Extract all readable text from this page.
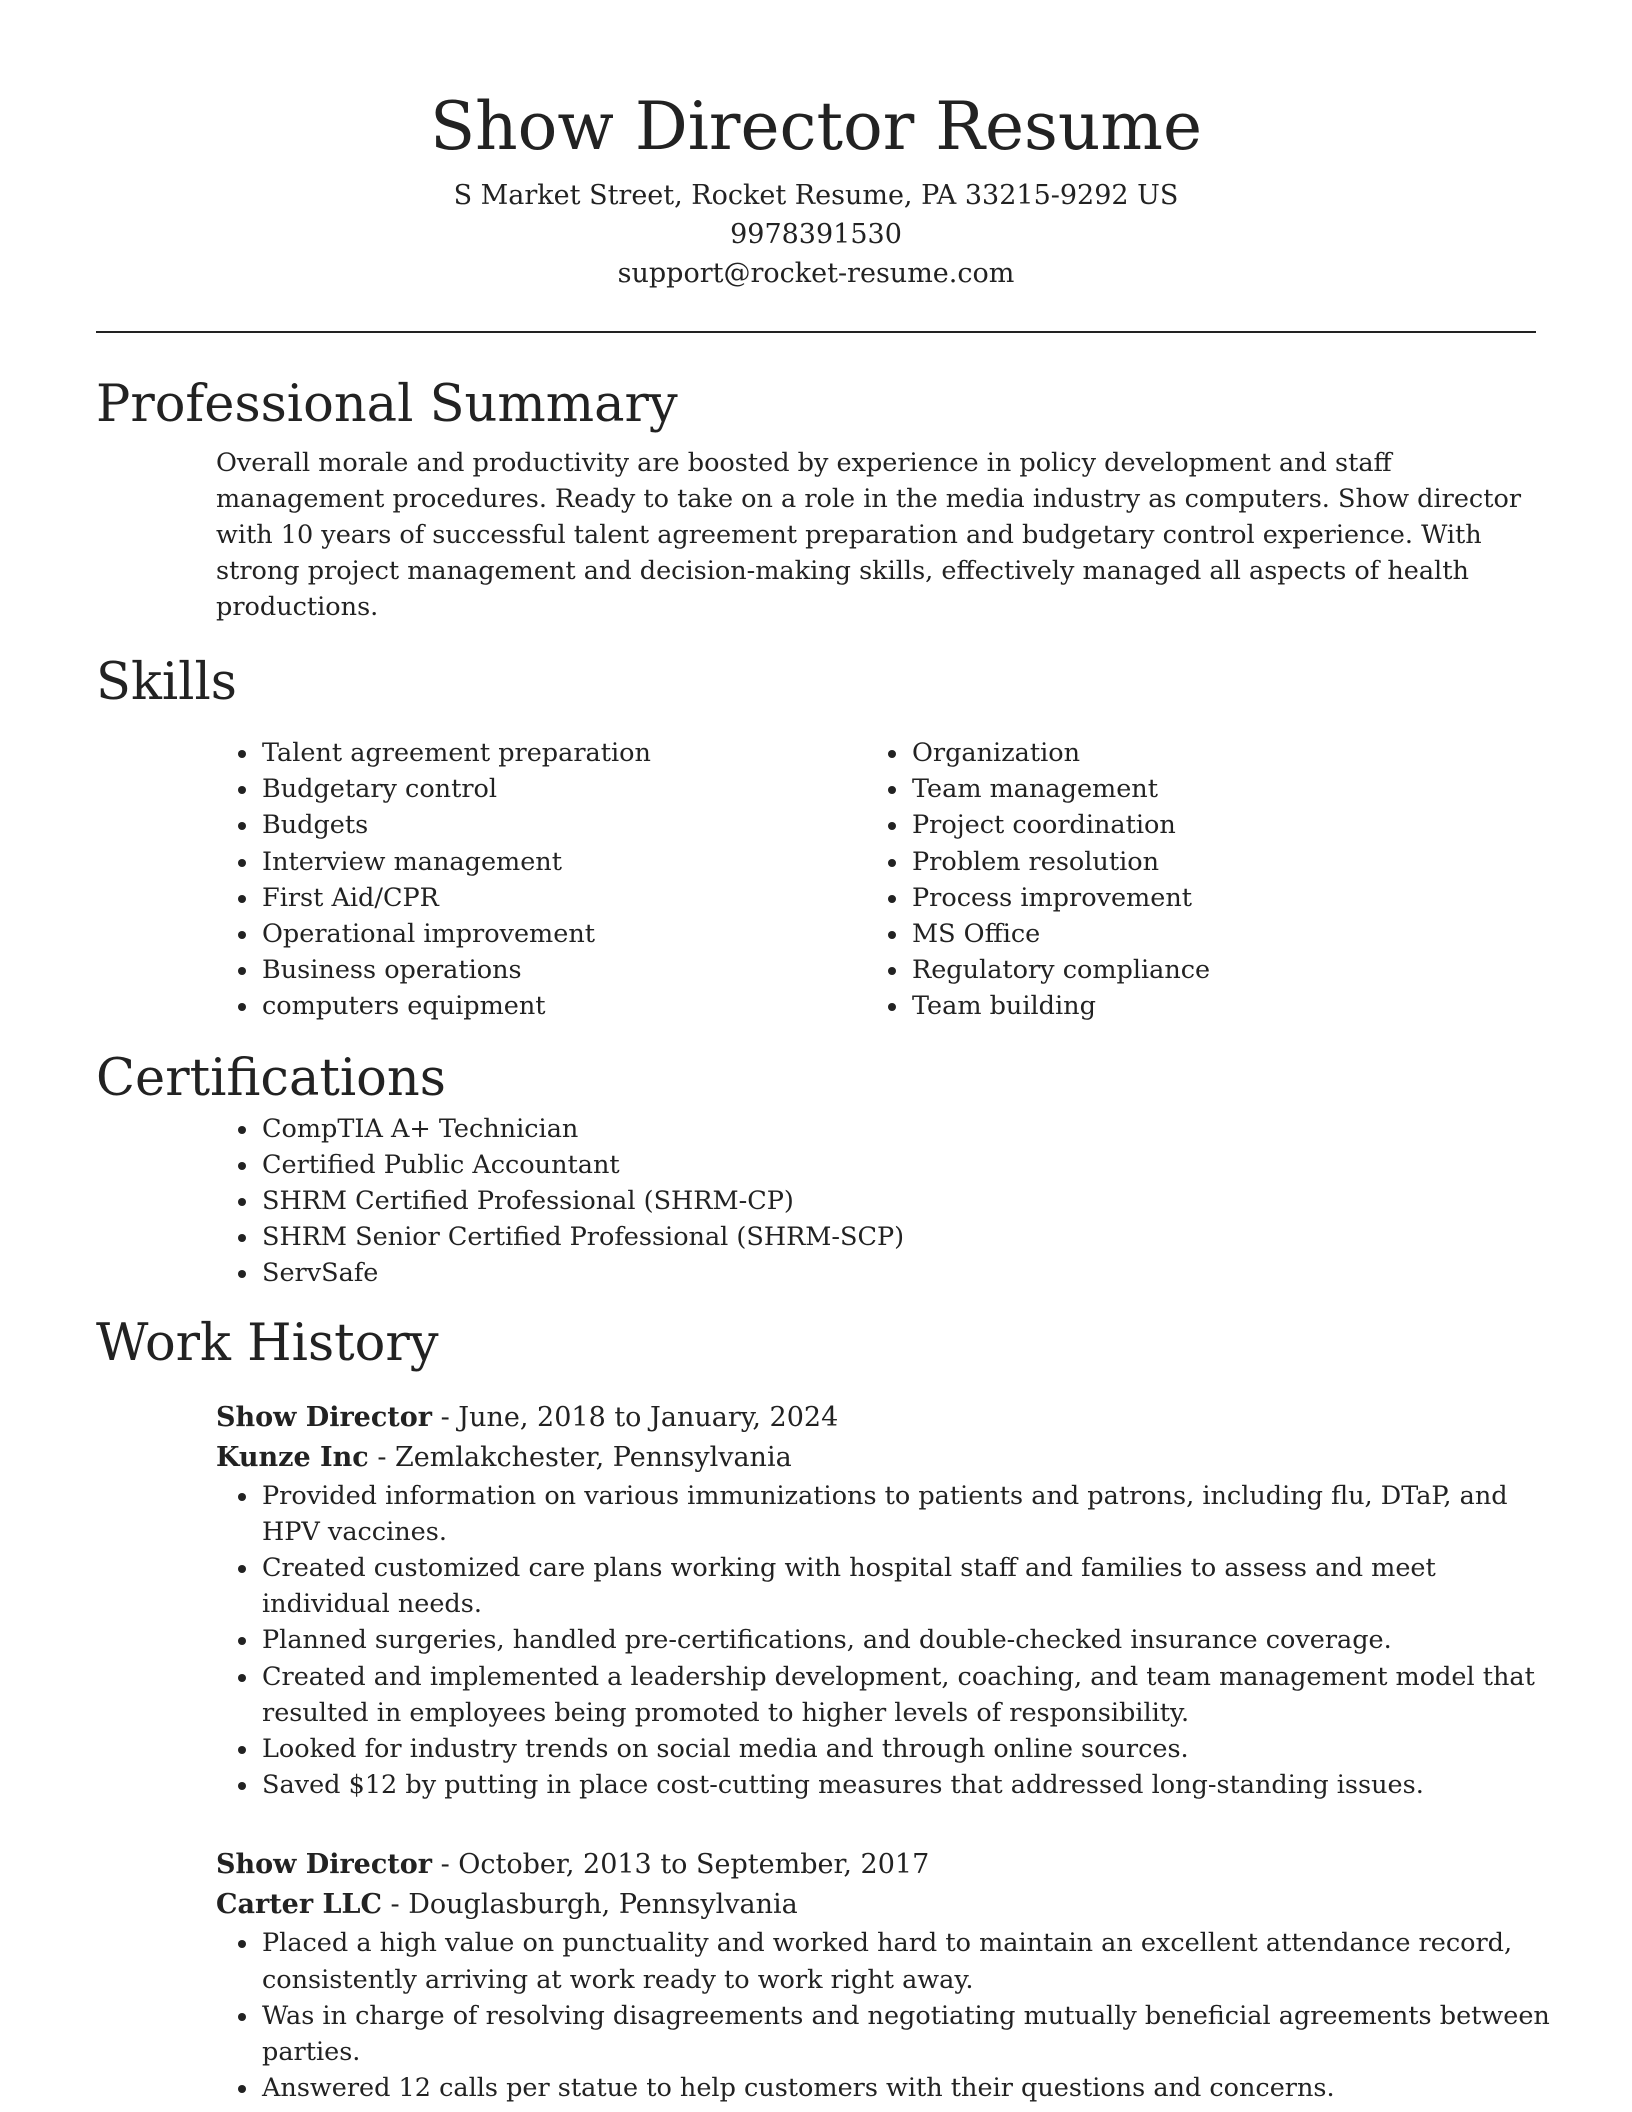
Show Director Resume
S Market Street, Rocket Resume, PA 33215-9292 US
9978391530
support@rocket-resume.com
Professional Summary

Overall morale and productivity are boosted by experience in policy development and staff management procedures. Ready to take on a role in the media industry as computers. Show director with 10 years of successful talent agreement preparation and budgetary control experience. With strong project management and decision-making skills, effectively managed all aspects of health productions.

Skills
• Talent agreement preparation
• Budgetary control
• Budgets
• Interview management
• First Aid/CPR
• Operational improvement
• Business operations
• computers equipment
• Organization
• Team management
• Project coordination
• Problem resolution
• Process improvement
• MS Office
• Regulatory compliance
• Team building
Certifications
• CompTIA A+ Technician
• Certified Public Accountant
• SHRM Certified Professional (SHRM-CP)
• SHRM Senior Certified Professional (SHRM-SCP)
• ServSafe
Work History
Show Director - June, 2018 to January, 2024
Kunze Inc - Zemlakchester, Pennsylvania
• Provided information on various immunizations to patients and patrons, including flu, DTaP, and HPV vaccines.
• Created customized care plans working with hospital staff and families to assess and meet individual needs.
• Planned surgeries, handled pre-certifications, and double-checked insurance coverage.
• Created and implemented a leadership development, coaching, and team management model that resulted in employees being promoted to higher levels of responsibility.
• Looked for industry trends on social media and through online sources.
• Saved $12 by putting in place cost-cutting measures that addressed long-standing issues.
Show Director - October, 2013 to September, 2017
Carter LLC - Douglasburgh, Pennsylvania
• Placed a high value on punctuality and worked hard to maintain an excellent attendance record, consistently arriving at work ready to work right away.
• Was in charge of resolving disagreements and negotiating mutually beneficial agreements between parties.
• Answered 12 calls per statue to help customers with their questions and concerns.
